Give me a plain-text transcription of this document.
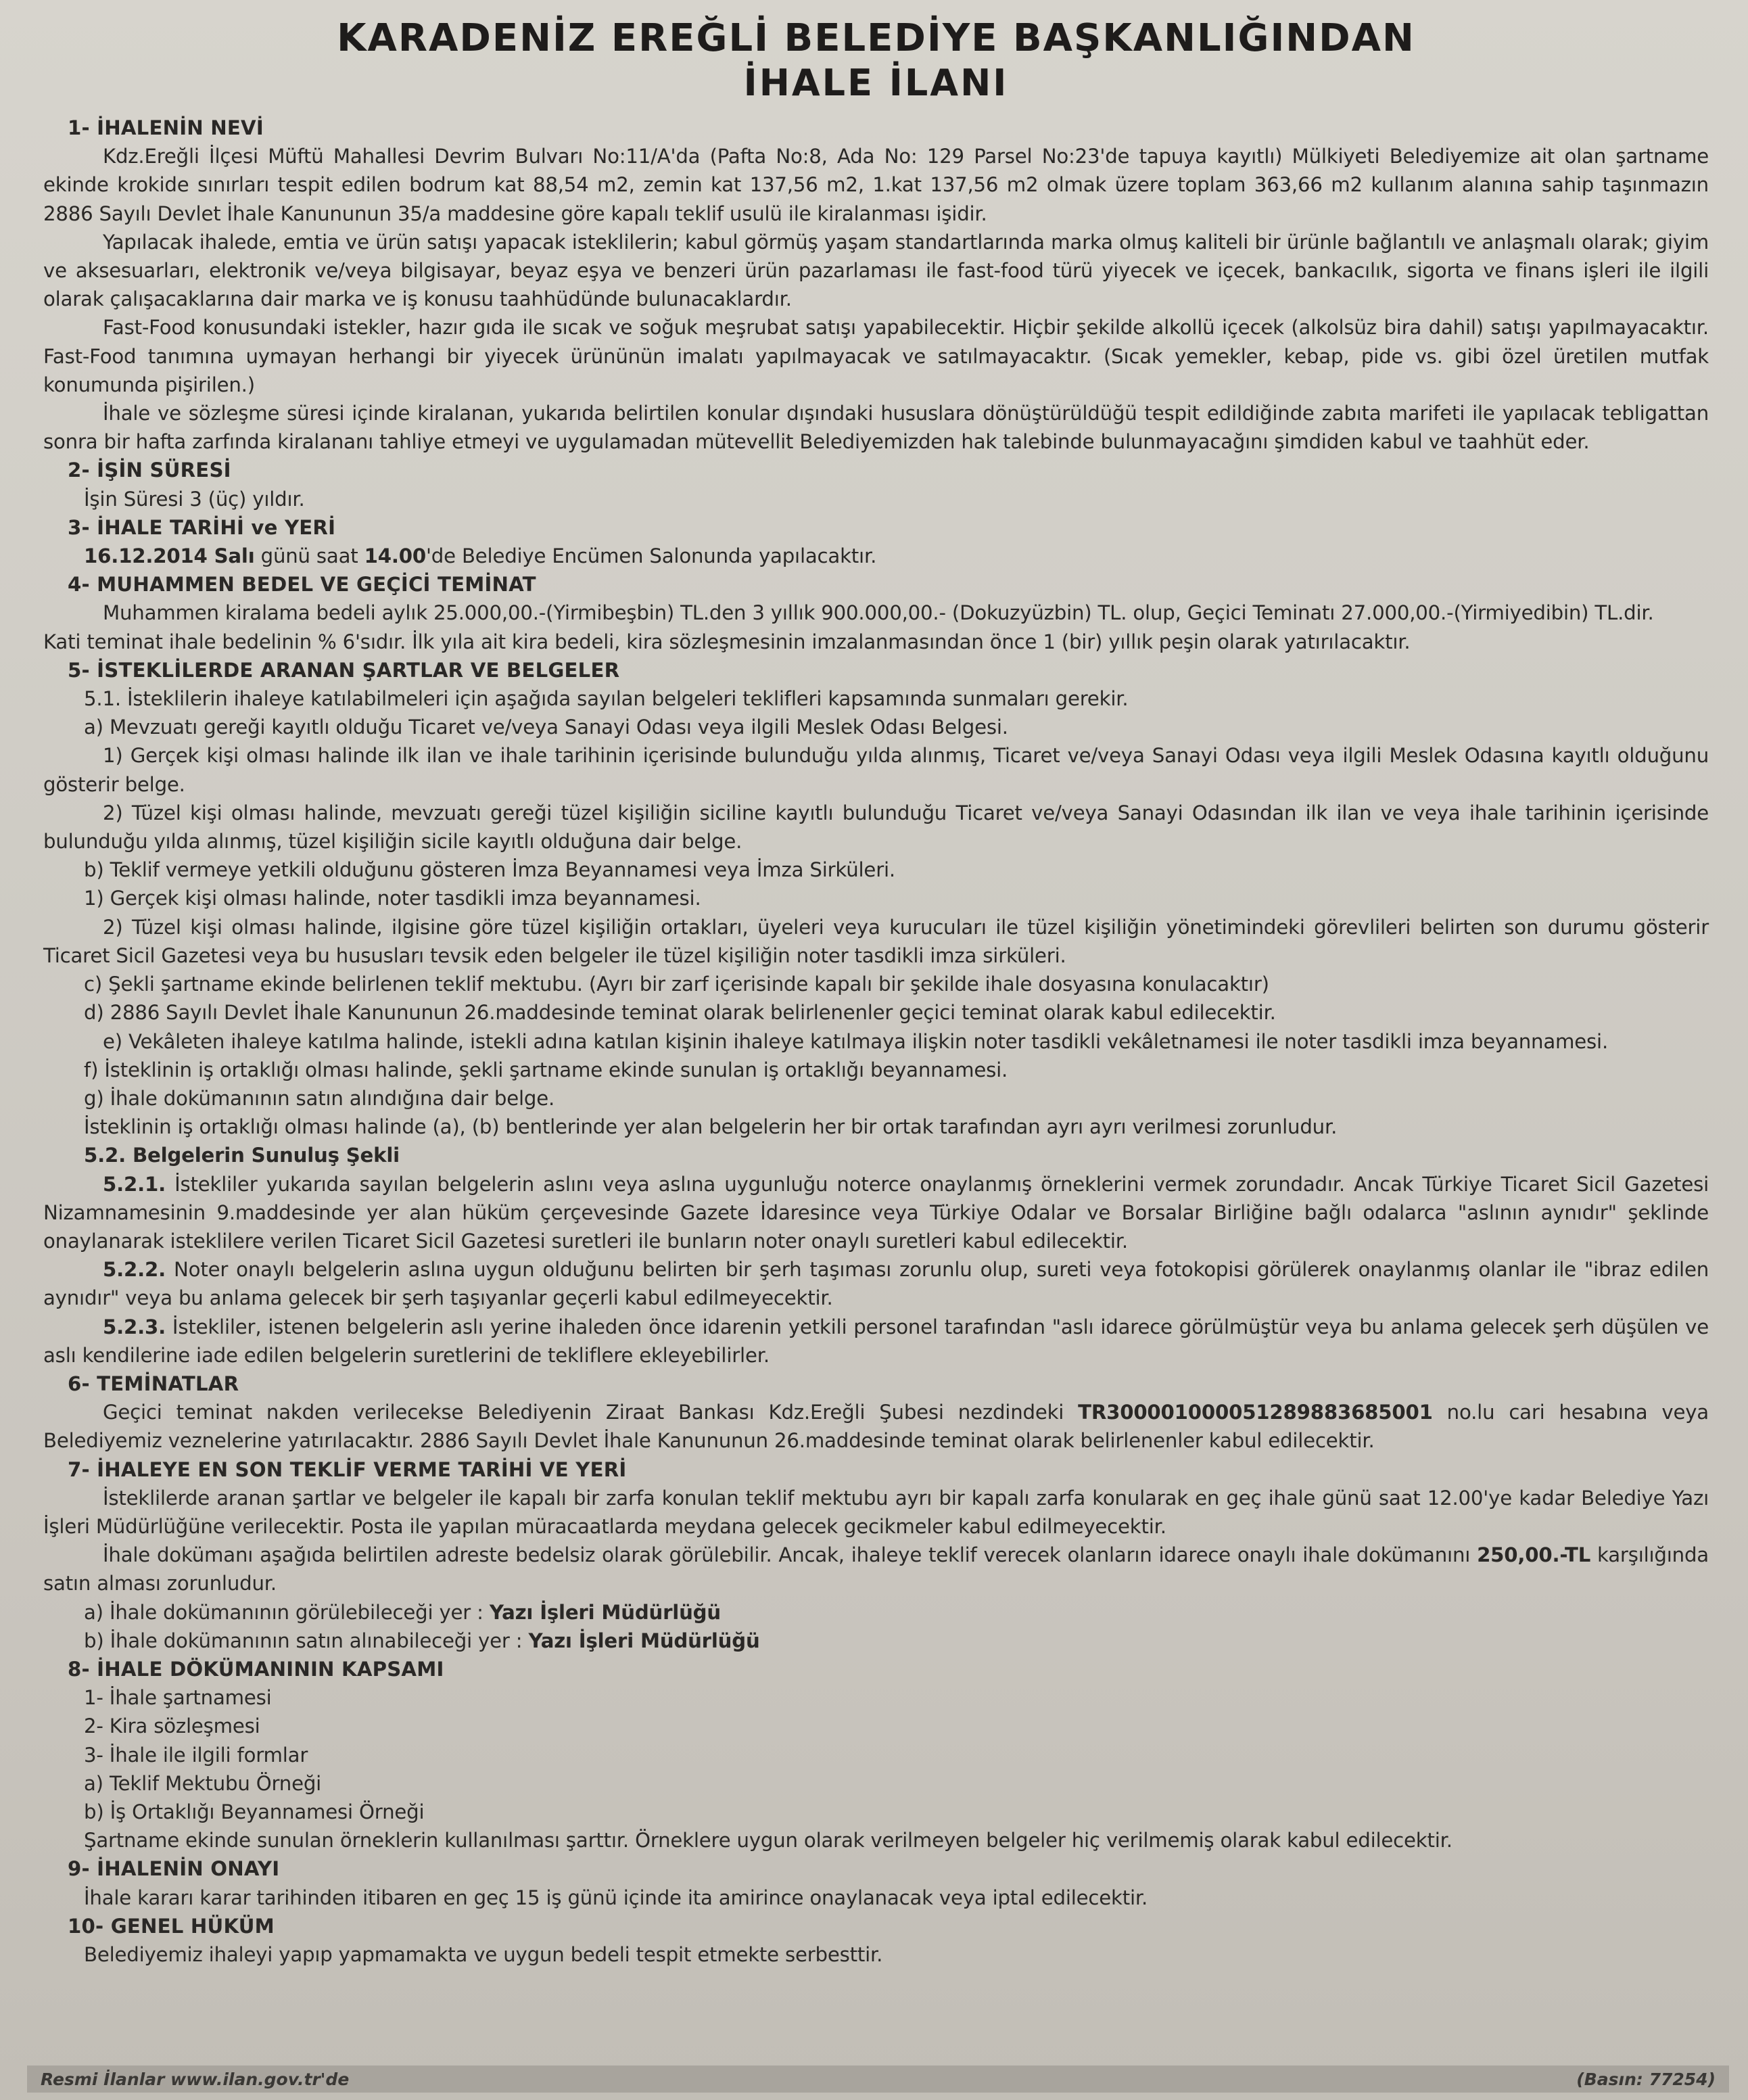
KARADENİZ EREĞLİ BELEDİYE BAŞKANLIĞINDAN
İHALE İLANI

1- İHALENİN NEVİ

Kdz.Ereğli İlçesi Müftü Mahallesi Devrim Bulvarı No:11/A'da (Pafta No:8, Ada No: 129 Parsel No:23'de tapuya kayıtlı) Mülkiyeti Belediyemize ait olan şartname ekinde krokide sınırları tespit edilen bodrum kat 88,54 m2, zemin kat 137,56 m2, 1.kat 137,56 m2 olmak üzere toplam 363,66 m2 kullanım alanına sahip taşınmazın 2886 Sayılı Devlet İhale Kanununun 35/a maddesine göre kapalı teklif usulü ile kiralanması işidir.

Yapılacak ihalede, emtia ve ürün satışı yapacak isteklilerin; kabul görmüş yaşam standartlarında marka olmuş kaliteli bir ürünle bağlantılı ve anlaşmalı olarak; giyim ve aksesuarları, elektronik ve/veya bilgisayar, beyaz eşya ve benzeri ürün pazarlaması ile fast-food türü yiyecek ve içecek, bankacılık, sigorta ve finans işleri ile ilgili olarak çalışacaklarına dair marka ve iş konusu taahhüdünde bulunacaklardır.

Fast-Food konusundaki istekler, hazır gıda ile sıcak ve soğuk meşrubat satışı yapabilecektir. Hiçbir şekilde alkollü içecek (alkolsüz bira dahil) satışı yapılmayacaktır. Fast-Food tanımına uymayan herhangi bir yiyecek ürününün imalatı yapılmayacak ve satılmayacaktır. (Sıcak yemekler, kebap, pide vs. gibi özel üretilen mutfak konumunda pişirilen.)

İhale ve sözleşme süresi içinde kiralanan, yukarıda belirtilen konular dışındaki hususlara dönüştürüldüğü tespit edildiğinde zabıta marifeti ile yapılacak tebligattan sonra bir hafta zarfında kiralananı tahliye etmeyi ve uygulamadan mütevellit Belediyemizden hak talebinde bulunmayacağını şimdiden kabul ve taahhüt eder.

2- İŞİN SÜRESİ

İşin Süresi 3 (üç) yıldır.

3- İHALE TARİHİ ve YERİ

16.12.2014 Salı günü saat 14.00'de Belediye Encümen Salonunda yapılacaktır.

4- MUHAMMEN BEDEL VE GEÇİCİ TEMİNAT

Muhammen kiralama bedeli aylık 25.000,00.-(Yirmibeşbin) TL.den 3 yıllık 900.000,00.- (Dokuzyüzbin) TL. olup, Geçici Teminatı 27.000,00.-(Yirmiyedibin) TL.dir.

Kati teminat ihale bedelinin % 6'sıdır. İlk yıla ait kira bedeli, kira sözleşmesinin imzalanmasından önce 1 (bir) yıllık peşin olarak yatırılacaktır.

5- İSTEKLİLERDE ARANAN ŞARTLAR VE BELGELER

5.1. İsteklilerin ihaleye katılabilmeleri için aşağıda sayılan belgeleri teklifleri kapsamında sunmaları gerekir.

a) Mevzuatı gereği kayıtlı olduğu Ticaret ve/veya Sanayi Odası veya ilgili Meslek Odası Belgesi.

1) Gerçek kişi olması halinde ilk ilan ve ihale tarihinin içerisinde bulunduğu yılda alınmış, Ticaret ve/veya Sanayi Odası veya ilgili Meslek Odasına kayıtlı olduğunu gösterir belge.

2) Tüzel kişi olması halinde, mevzuatı gereği tüzel kişiliğin siciline kayıtlı bulunduğu Ticaret ve/veya Sanayi Odasından ilk ilan ve veya ihale tarihinin içerisinde bulunduğu yılda alınmış, tüzel kişiliğin sicile kayıtlı olduğuna dair belge.

b) Teklif vermeye yetkili olduğunu gösteren İmza Beyannamesi veya İmza Sirküleri.

1) Gerçek kişi olması halinde, noter tasdikli imza beyannamesi.

2) Tüzel kişi olması halinde, ilgisine göre tüzel kişiliğin ortakları, üyeleri veya kurucuları ile tüzel kişiliğin yönetimindeki görevlileri belirten son durumu gösterir Ticaret Sicil Gazetesi veya bu hususları tevsik eden belgeler ile tüzel kişiliğin noter tasdikli imza sirküleri.

c) Şekli şartname ekinde belirlenen teklif mektubu. (Ayrı bir zarf içerisinde kapalı bir şekilde ihale dosyasına konulacaktır)

d) 2886 Sayılı Devlet İhale Kanununun 26.maddesinde teminat olarak belirlenenler geçici teminat olarak kabul edilecektir.

e) Vekâleten ihaleye katılma halinde, istekli adına katılan kişinin ihaleye katılmaya ilişkin noter tasdikli vekâletnamesi ile noter tasdikli imza beyannamesi.

f) İsteklinin iş ortaklığı olması halinde, şekli şartname ekinde sunulan iş ortaklığı beyannamesi.

g) İhale dokümanının satın alındığına dair belge.

İsteklinin iş ortaklığı olması halinde (a), (b) bentlerinde yer alan belgelerin her bir ortak tarafından ayrı ayrı verilmesi zorunludur.

5.2. Belgelerin Sunuluş Şekli

5.2.1. İstekliler yukarıda sayılan belgelerin aslını veya aslına uygunluğu noterce onaylanmış örneklerini vermek zorundadır. Ancak Türkiye Ticaret Sicil Gazetesi Nizamnamesinin 9.maddesinde yer alan hüküm çerçevesinde Gazete İdaresince veya Türkiye Odalar ve Borsalar Birliğine bağlı odalarca "aslının aynıdır" şeklinde onaylanarak isteklilere verilen Ticaret Sicil Gazetesi suretleri ile bunların noter onaylı suretleri kabul edilecektir.

5.2.2. Noter onaylı belgelerin aslına uygun olduğunu belirten bir şerh taşıması zorunlu olup, sureti veya fotokopisi görülerek onaylanmış olanlar ile "ibraz edilen aynıdır" veya bu anlama gelecek bir şerh taşıyanlar geçerli kabul edilmeyecektir.

5.2.3. İstekliler, istenen belgelerin aslı yerine ihaleden önce idarenin yetkili personel tarafından "aslı idarece görülmüştür veya bu anlama gelecek şerh düşülen ve aslı kendilerine iade edilen belgelerin suretlerini de tekliflere ekleyebilirler.

6- TEMİNATLAR

Geçici teminat nakden verilecekse Belediyenin Ziraat Bankası Kdz.Ereğli Şubesi nezdindeki TR300001000051289883685001 no.lu cari hesabına veya Belediyemiz veznelerine yatırılacaktır. 2886 Sayılı Devlet İhale Kanununun 26.maddesinde teminat olarak belirlenenler kabul edilecektir.

7- İHALEYE EN SON TEKLİF VERME TARİHİ VE YERİ

İsteklilerde aranan şartlar ve belgeler ile kapalı bir zarfa konulan teklif mektubu ayrı bir kapalı zarfa konularak en geç ihale günü saat 12.00'ye kadar Belediye Yazı İşleri Müdürlüğüne verilecektir. Posta ile yapılan müracaatlarda meydana gelecek gecikmeler kabul edilmeyecektir.

İhale dokümanı aşağıda belirtilen adreste bedelsiz olarak görülebilir. Ancak, ihaleye teklif verecek olanların idarece onaylı ihale dokümanını 250,00.-TL karşılığında satın alması zorunludur.

a) İhale dokümanının görülebileceği yer : Yazı İşleri Müdürlüğü

b) İhale dokümanının satın alınabileceği yer : Yazı İşleri Müdürlüğü

8- İHALE DÖKÜMANININ KAPSAMI

1- İhale şartnamesi

2- Kira sözleşmesi

3- İhale ile ilgili formlar

a) Teklif Mektubu Örneği

b) İş Ortaklığı Beyannamesi Örneği

Şartname ekinde sunulan örneklerin kullanılması şarttır. Örneklere uygun olarak verilmeyen belgeler hiç verilmemiş olarak kabul edilecektir.

9- İHALENİN ONAYI

İhale kararı karar tarihinden itibaren en geç 15 iş günü içinde ita amirince onaylanacak veya iptal edilecektir.

10- GENEL HÜKÜM

Belediyemiz ihaleyi yapıp yapmamakta ve uygun bedeli tespit etmekte serbesttir.

Resmi İlanlar www.ilan.gov.tr'de	(Basın: 77254)
